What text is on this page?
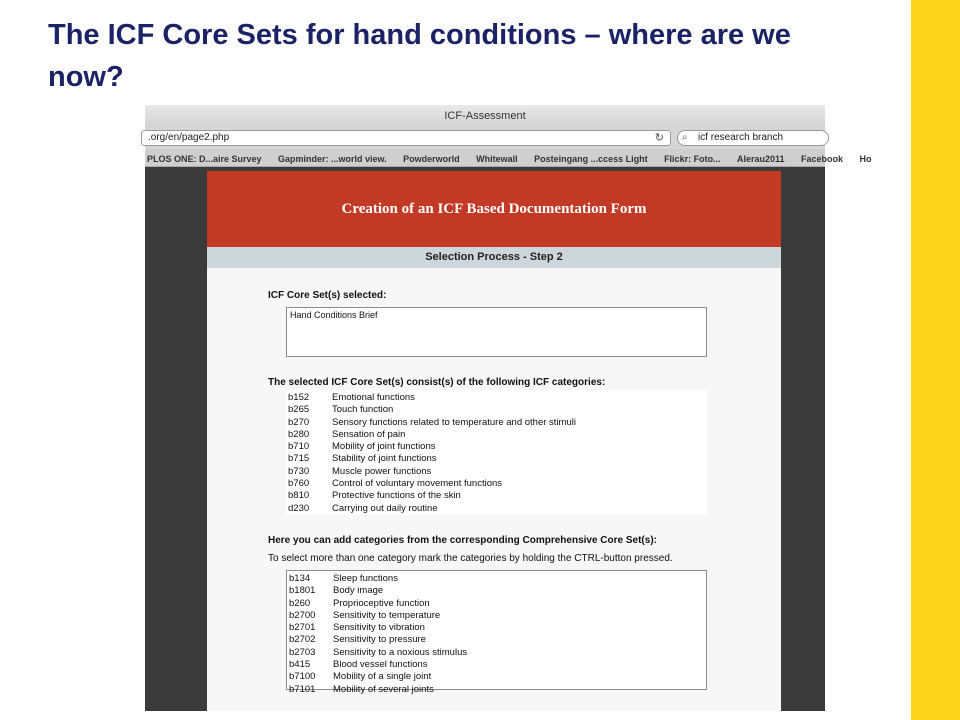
The ICF Core Sets for hand conditions – where are we now?
ICF-Assessment
.org/en/page2.php	↻ ⌕ icf research branch
PLOS ONE: D...aire Survey Gapminder: ...world view. Powderworld Whitewall Posteingang ...ccess Light Flickr: Foto... Alerau2011 Facebook Ho
Creation of an ICF Based Documentation Form
Selection Process - Step 2
ICF Core Set(s) selected:
Hand Conditions Brief
The selected ICF Core Set(s) consist(s) of the following ICF categories:
b152 Emotional functions
b265 Touch function
b270 Sensory functions related to temperature and other stimuli
b280 Sensation of pain
b710 Mobility of joint functions
b715 Stability of joint functions
b730 Muscle power functions
b760 Control of voluntary movement functions
b810 Protective functions of the skin
d230 Carrying out daily routine
Here you can add categories from the corresponding Comprehensive Core Set(s):
To select more than one category mark the categories by holding the CTRL-button pressed.
b134 Sleep functions
b1801 Body image
b260 Proprioceptive function
b2700 Sensitivity to temperature
b2701 Sensitivity to vibration
b2702 Sensitivity to pressure
b2703 Sensitivity to a noxious stimulus
b415 Blood vessel functions
b7100 Mobility of a single joint
b7101 Mobility of several joints
